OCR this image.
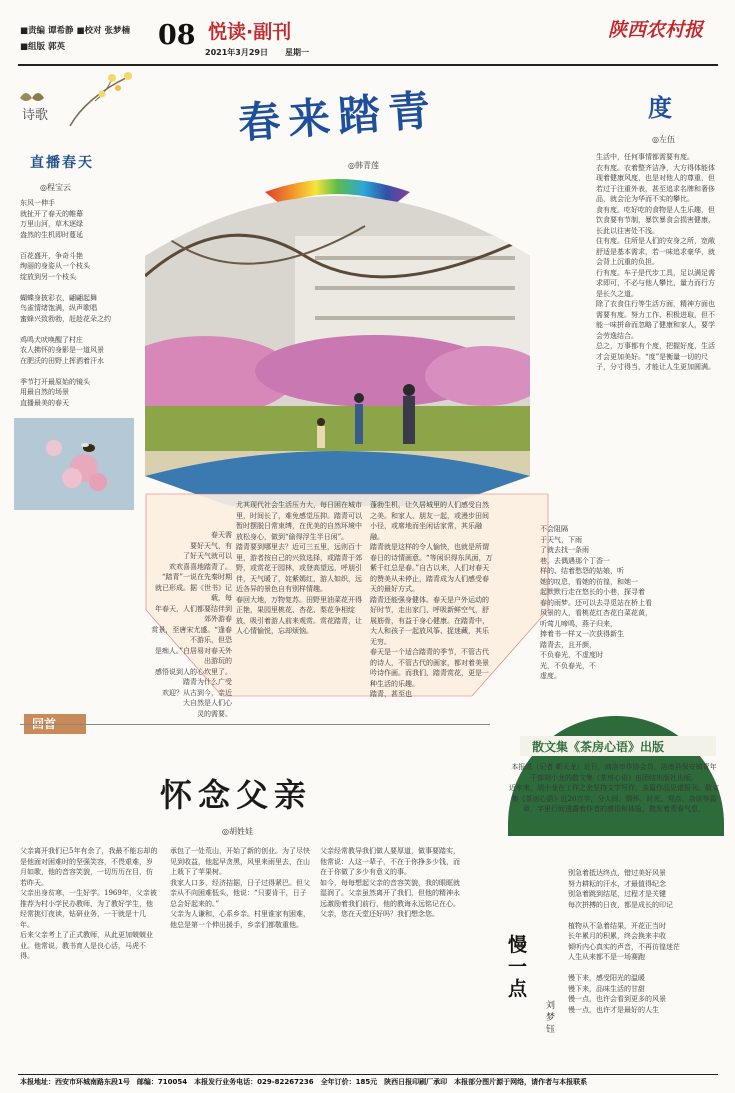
■责编 谭希静 ■校对 张梦楠
■组版 郭英	08 悦读·副刊
2021年3月29日 星期一
陕西农村报
诗歌
直播春天
◎程宝云
东风一伸手
就扯开了春天的帷幕
万里山河，草木逐绿
盎然的生机即时蔓延

百花盛开，争奇斗艳
绚丽的身姿从一个枝头
绽放到另一个枝头

蝴蝶身披彩衣，翩翩起舞
鸟雀情绪饱满，纵声歌唱
蜜蜂兴致勃勃，赶趁花朵之约

鸡鸣犬吠唤醒了村庄
农人拂怀的身影是一道风景
在肥沃的田野上挥洒着汗水

季节打开最原始的镜头
用最自然的场景
直播最美的春天
春来踏青
◎韩青莲
春天需
要好天气，有
了好天气就可以
欢欢喜喜地踏青了。
“踏青”一说在先秦时期
就已形成。据《世书》记载，每
年春天，人们都要结伴到郊外游春
赏景，至唐宋尤盛。“逢春不游乐，但恐
是痴人。”白居易对春天外出游玩的
感悟说到人的心坎里了。
踏青为什么广受
欢迎？从古到今，亲近
大自然是人们心
灵的需要。
尤其现代社会生活压力大，每日困在城市里，时间长了，难免感觉压抑。踏青可以暂时摆脱日常束缚，在优美的自然环境中放松身心，做到“偷得浮生半日闲”。
踏青要到哪里去？近可三五里，远则百十里，游者按自己的兴致选择，或踏青于郊野，或赏花于园林，或登高望远，呼朋引伴，天气暖了，姹紫嫣红，游人如织，远近各异的景色自有别样情趣。
春回大地，万物复苏。田野里油菜花开得正艳，果园里桃花、杏花、梨花争相绽放，吸引着游人前来观赏。赏花踏青，让人心情愉悦，忘却烦恼。
蓬勃生机，让久居城里的人们感受自然之美。和家人、朋友一起，或漫步田间小径，或席地而坐闲话家常，其乐融融。
踏青就是这样的令人愉快，也就是所谓春日的诗情画意。“等闲识得东风面，万紫千红总是春。”自古以来，人们对春天的赞美从未停止，踏青成为人们感受春天的最好方式。
踏青还能强身健体。春天是户外运动的好时节，走出家门，呼吸新鲜空气，舒展筋骨，有益于身心健康。在踏青中，大人和孩子一起放风筝、捉迷藏，其乐无穷。
春天是一个适合踏青的季节，不管古代的诗人，不管古代的画家，都对着美景吟诗作画。而我们，踏青赏花，更是一种生活的乐趣。
踏青，甚至也
度
◎左伍
生活中，任何事情都需要有度。
衣有度。衣着整齐洁净，大方得体能体现着健康风度，也是对他人的尊重，但若过于注重外表，甚至追求名牌和奢侈品，就会沦为华而不实的攀比。
食有度。吃好吃的食物是人生乐趣，但饮食要有节制，暴饮暴食会损害健康，长此以往害处不浅。
住有度。住所是人们的安身之所，宽敞舒适是基本需求，若一味追求豪华，就会背上沉重的负担。
行有度。车子是代步工具，足以满足需求即可，不必与他人攀比，量力而行方是长久之道。
除了衣食住行等生活方面，精神方面也需要有度。努力工作、积极进取，但不能一味拼命而忽略了健康和家人，要学会劳逸结合。
总之，万事都有个度，把握好度，生活才会更加美好。“度”是衡量一切的尺子，分寸得当，才能让人生更加圆满。
不会阻隔
于天气，下雨
了就去找一条雨
巷，去偶遇那个丁香一
样的、结着愁怨的姑娘，听
她的叹息，看她的彷徨，和她一
起默默行走在悠长的小巷，探寻着
春的雨梦。还可以去寻觅站在桥上看
风景的人，看桃花红杏花白菜花黄，
听莺儿啼鸣，燕子归来，
捧着书一样又一次获得新生
踏青去，且开颜，
不负春光，不虚度时
光，不负春光，不
虚度。
回首
怀念父亲
◎胡姓娃
父亲离开我们已5年有余了，我最不能忘却的是他面对困难时的坚强笑容，不畏艰难，岁月如歌，他的音容笑貌，一切历历在目，仿若昨天。
父亲出身贫寒，一生好学。1969年，父亲被推荐为村小学民办教师，为了教好学生，他经常挑灯夜读，钻研业务，一干就是十几年。
后来父亲考上了正式教师，从此更加兢兢业业。他常说，教书育人是良心活，马虎不得。
承包了一处荒山，开始了新的创业。为了尽快见到收益，他起早贪黑，风里来雨里去，在山上栽下了苹果树。
我家人口多，经济拮据，日子过得紧巴。但父亲从不向困难低头，他说：“只要肯干，日子总会好起来的。”
父亲为人谦和，心系乡亲。村里谁家有困难，他总是第一个伸出援手，乡亲们都敬重他。
父亲经常教导我们做人要厚道，做事要踏实，他常说：人这一辈子，不在于你挣多少钱，而在于你做了多少有意义的事。
如今，每每想起父亲的音容笑貌，我的眼眶就湿润了。父亲虽然离开了我们，但他的精神永远激励着我们前行，他的教诲永远铭记在心。
父亲，您在天堂还好吗？我们想念您。
散文集《茶房心语》出版
本报讯（记者 靳天龙）近日，商洛市作协会员、洛南县保安镇青年干部胡小龙的散文集《茶房心语》由团结出版社出版。
近年来，胡小龙在工作之余坚持文学写作，多篇作品见诸报刊。散文集《茶房心语》近20万字，分人间、情怀、时光、观点、杂谈等篇章，字里行间透露着作者的感悟和体验，散发着青春气息。
慢一点
刘梦钰
别急着抵达终点，错过美好风景
努力耕耘的汗水，才最值得纪念
别急着跳到结尾，过程才是关键
每次拼搏的日夜，都是成长的印记

植物从不急着结果，开花正当时
长年累月的积累，终会换来丰收
倾听内心真实的声音，不再彷徨迷茫
人生从来都不是一场赛跑

慢下来，感受阳光的温暖
慢下来，品味生活的甘甜
慢一点，也许会看到更多的风景
慢一点，也许才是最好的人生
本报地址：西安市环城南路东段1号　邮编：710054　本报发行业务电话：029-82267236　全年订价：185元　陕西日报印刷厂承印　本报部分图片源于网络，请作者与本报联系
